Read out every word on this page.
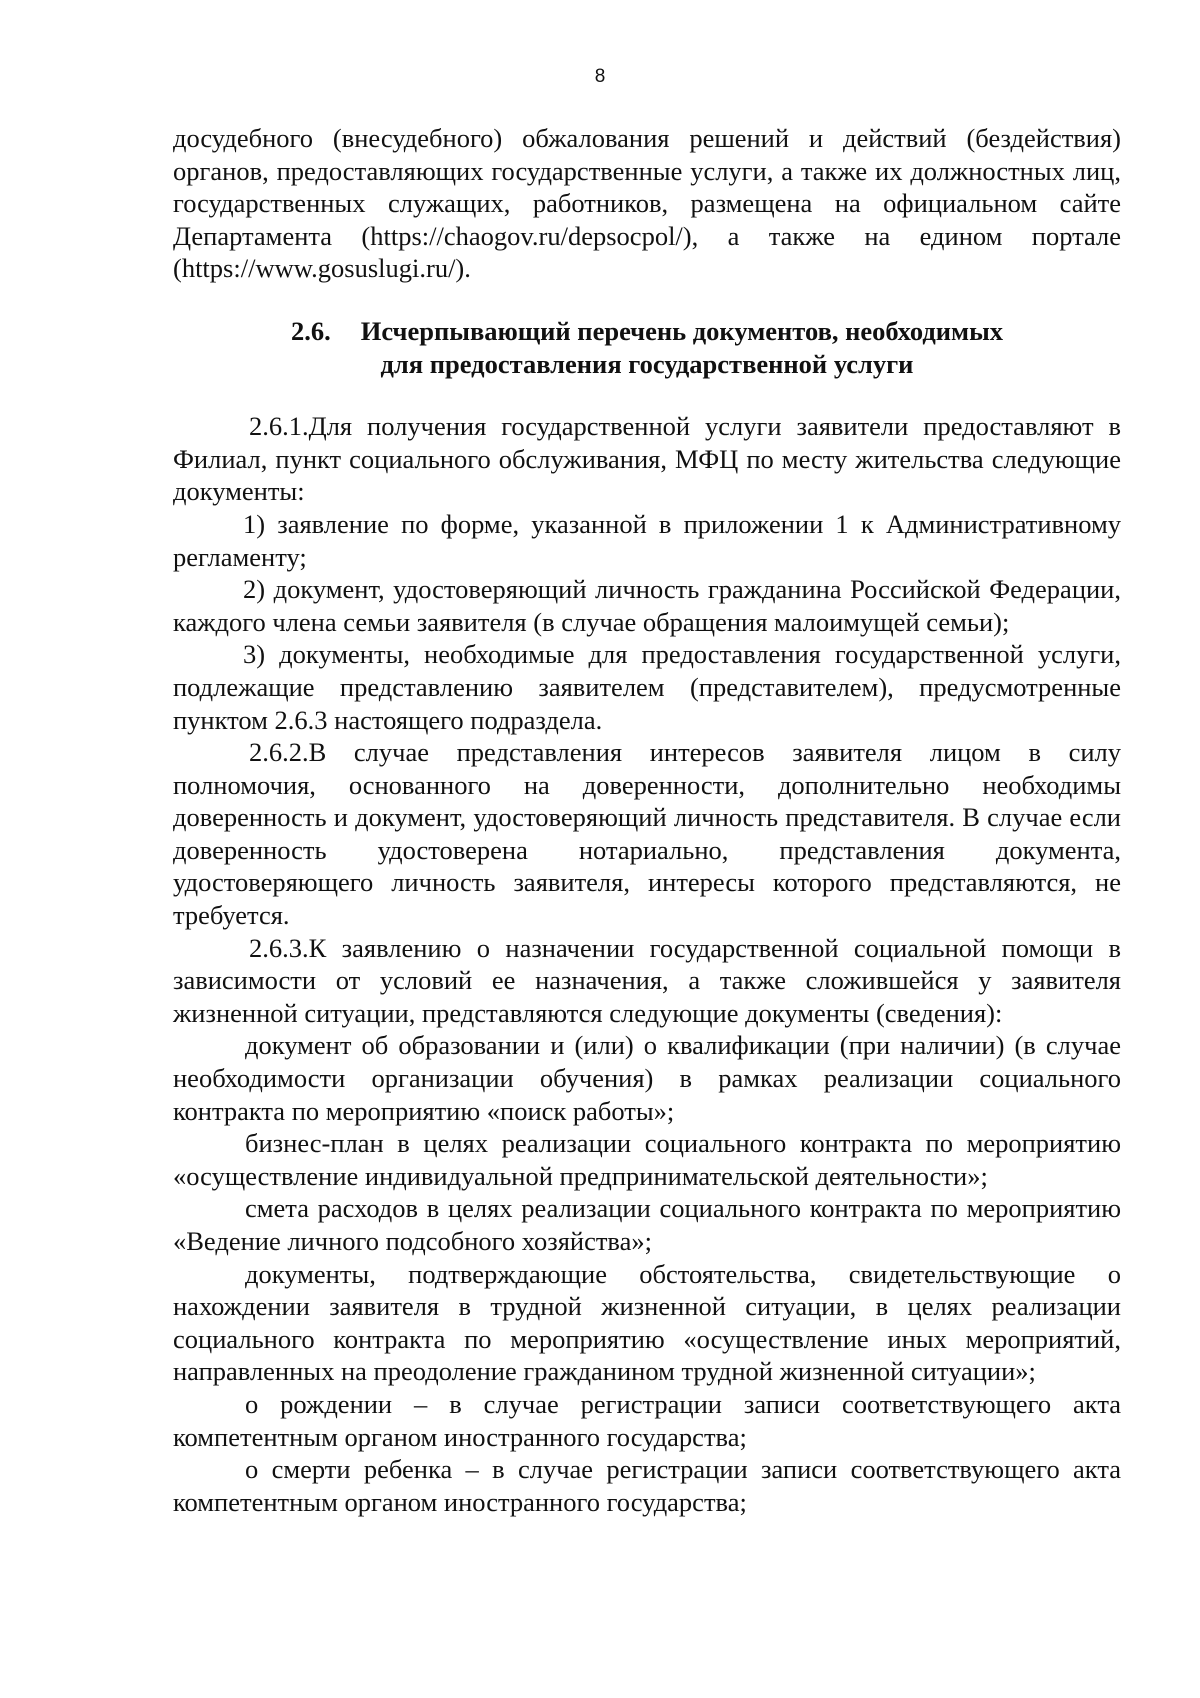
8

досудебного (внесудебного) обжалования решений и действий (бездействия) органов, предоставляющих государственные услуги, а также их должностных лиц, государственных служащих, работников, размещена на официальном сайте Департамента (https://chaogov.ru/depsocpol/), а также на едином портале (https://www.gosuslugi.ru/).

2.6. Исчерпывающий перечень документов, необходимых
для предоставления государственной услуги

2.6.1.Для получения государственной услуги заявители предоставляют в Филиал, пункт социального обслуживания, МФЦ по месту жительства следующие документы:

1) заявление по форме, указанной в приложении 1 к Административному регламенту;

2) документ, удостоверяющий личность гражданина Российской Федерации, каждого члена семьи заявителя (в случае обращения малоимущей семьи);

3) документы, необходимые для предоставления государственной услуги, подлежащие представлению заявителем (представителем), предусмотренные пунктом 2.6.3 настоящего подраздела.

2.6.2.В случае представления интересов заявителя лицом в силу полномочия, основанного на доверенности, дополнительно необходимы доверенность и документ, удостоверяющий личность представителя. В случае если доверенность удостоверена нотариально, представления документа, удостоверяющего личность заявителя, интересы которого представляются, не требуется.

2.6.3.К заявлению о назначении государственной социальной помощи в зависимости от условий ее назначения, а также сложившейся у заявителя жизненной ситуации, представляются следующие документы (сведения):

документ об образовании и (или) о квалификации (при наличии) (в случае необходимости организации обучения) в рамках реализации социального контракта по мероприятию «поиск работы»;

бизнес-план в целях реализации социального контракта по мероприятию «осуществление индивидуальной предпринимательской деятельности»;

смета расходов в целях реализации социального контракта по мероприятию «Ведение личного подсобного хозяйства»;

документы, подтверждающие обстоятельства, свидетельствующие о нахождении заявителя в трудной жизненной ситуации, в целях реализации социального контракта по мероприятию «осуществление иных мероприятий, направленных на преодоление гражданином трудной жизненной ситуации»;

о рождении – в случае регистрации записи соответствующего акта компетентным органом иностранного государства;

о смерти ребенка – в случае регистрации записи соответствующего акта компетентным органом иностранного государства;
